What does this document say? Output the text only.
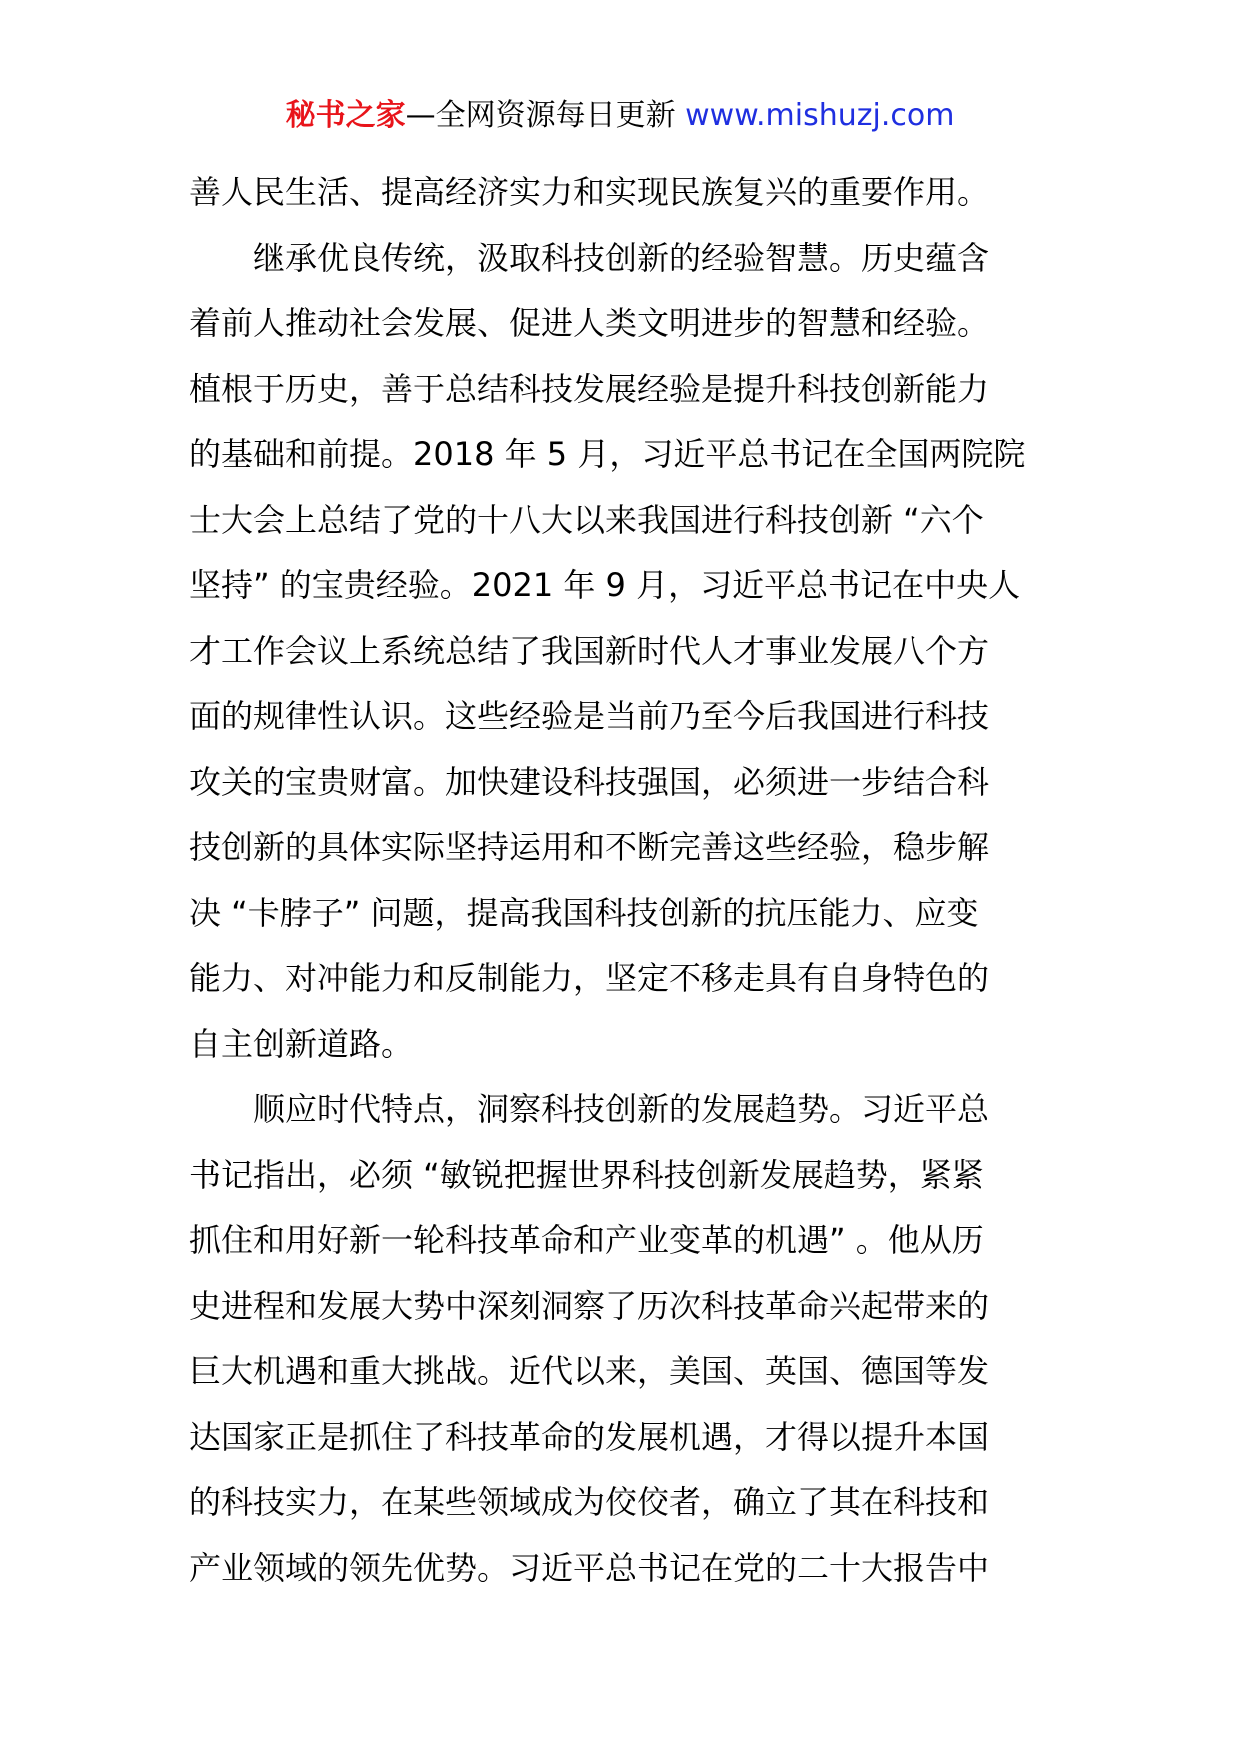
秘书之家—全网资源每日更新 www.mishuzj.com
善人民生活、提高经济实力和实现民族复兴的重要作用。
继承优良传统，汲取科技创新的经验智慧。历史蕴含
着前人推动社会发展、促进人类文明进步的智慧和经验。
植根于历史，善于总结科技发展经验是提升科技创新能力
的基础和前提。2018 年 5 月，习近平总书记在全国两院院
士大会上总结了党的十八大以来我国进行科技创新 “六个
坚持” 的宝贵经验。2021 年 9 月，习近平总书记在中央人
才工作会议上系统总结了我国新时代人才事业发展八个方
面的规律性认识。这些经验是当前乃至今后我国进行科技
攻关的宝贵财富。加快建设科技强国，必须进一步结合科
技创新的具体实际坚持运用和不断完善这些经验，稳步解
决 “卡脖子” 问题，提高我国科技创新的抗压能力、应变
能力、对冲能力和反制能力，坚定不移走具有自身特色的
自主创新道路。
顺应时代特点，洞察科技创新的发展趋势。习近平总
书记指出，必须 “敏锐把握世界科技创新发展趋势，紧紧
抓住和用好新一轮科技革命和产业变革的机遇” 。他从历
史进程和发展大势中深刻洞察了历次科技革命兴起带来的
巨大机遇和重大挑战。近代以来，美国、英国、德国等发
达国家正是抓住了科技革命的发展机遇，才得以提升本国
的科技实力，在某些领域成为佼佼者，确立了其在科技和
产业领域的领先优势。习近平总书记在党的二十大报告中
